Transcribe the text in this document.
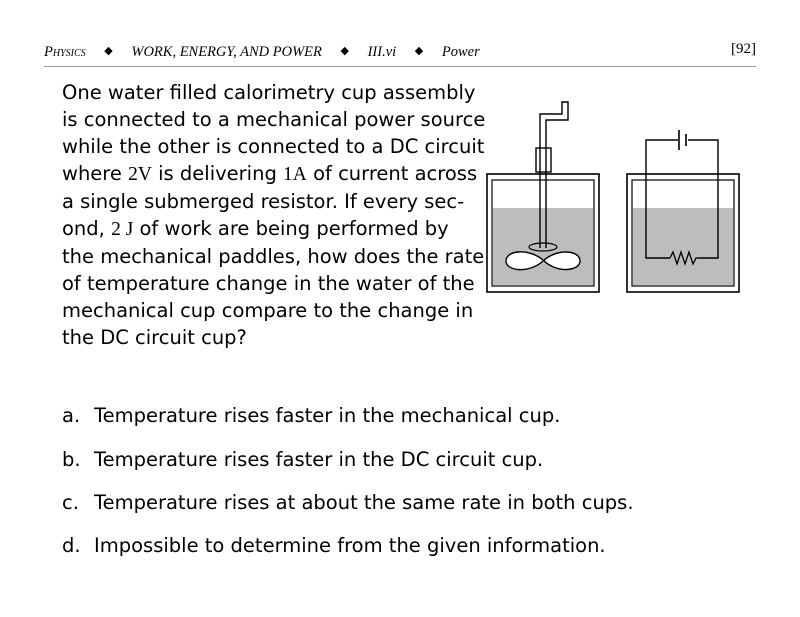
Physics ◆ WORK, ENERGY, AND POWER ◆ III.vi ◆ Power	[92]
One water filled calorimetry cup assembly
is connected to a mechanical power source
while the other is connected to a DC circuit
where 2V is delivering 1A of current across
a single submerged resistor. If every sec-
ond, 2 J of work are being performed by
the mechanical paddles, how does the rate
of temperature change in the water of the
mechanical cup compare to the change in
the DC circuit cup?
a. Temperature rises faster in the mechanical cup.
b. Temperature rises faster in the DC circuit cup.
c. Temperature rises at about the same rate in both cups.
d. Impossible to determine from the given information.
